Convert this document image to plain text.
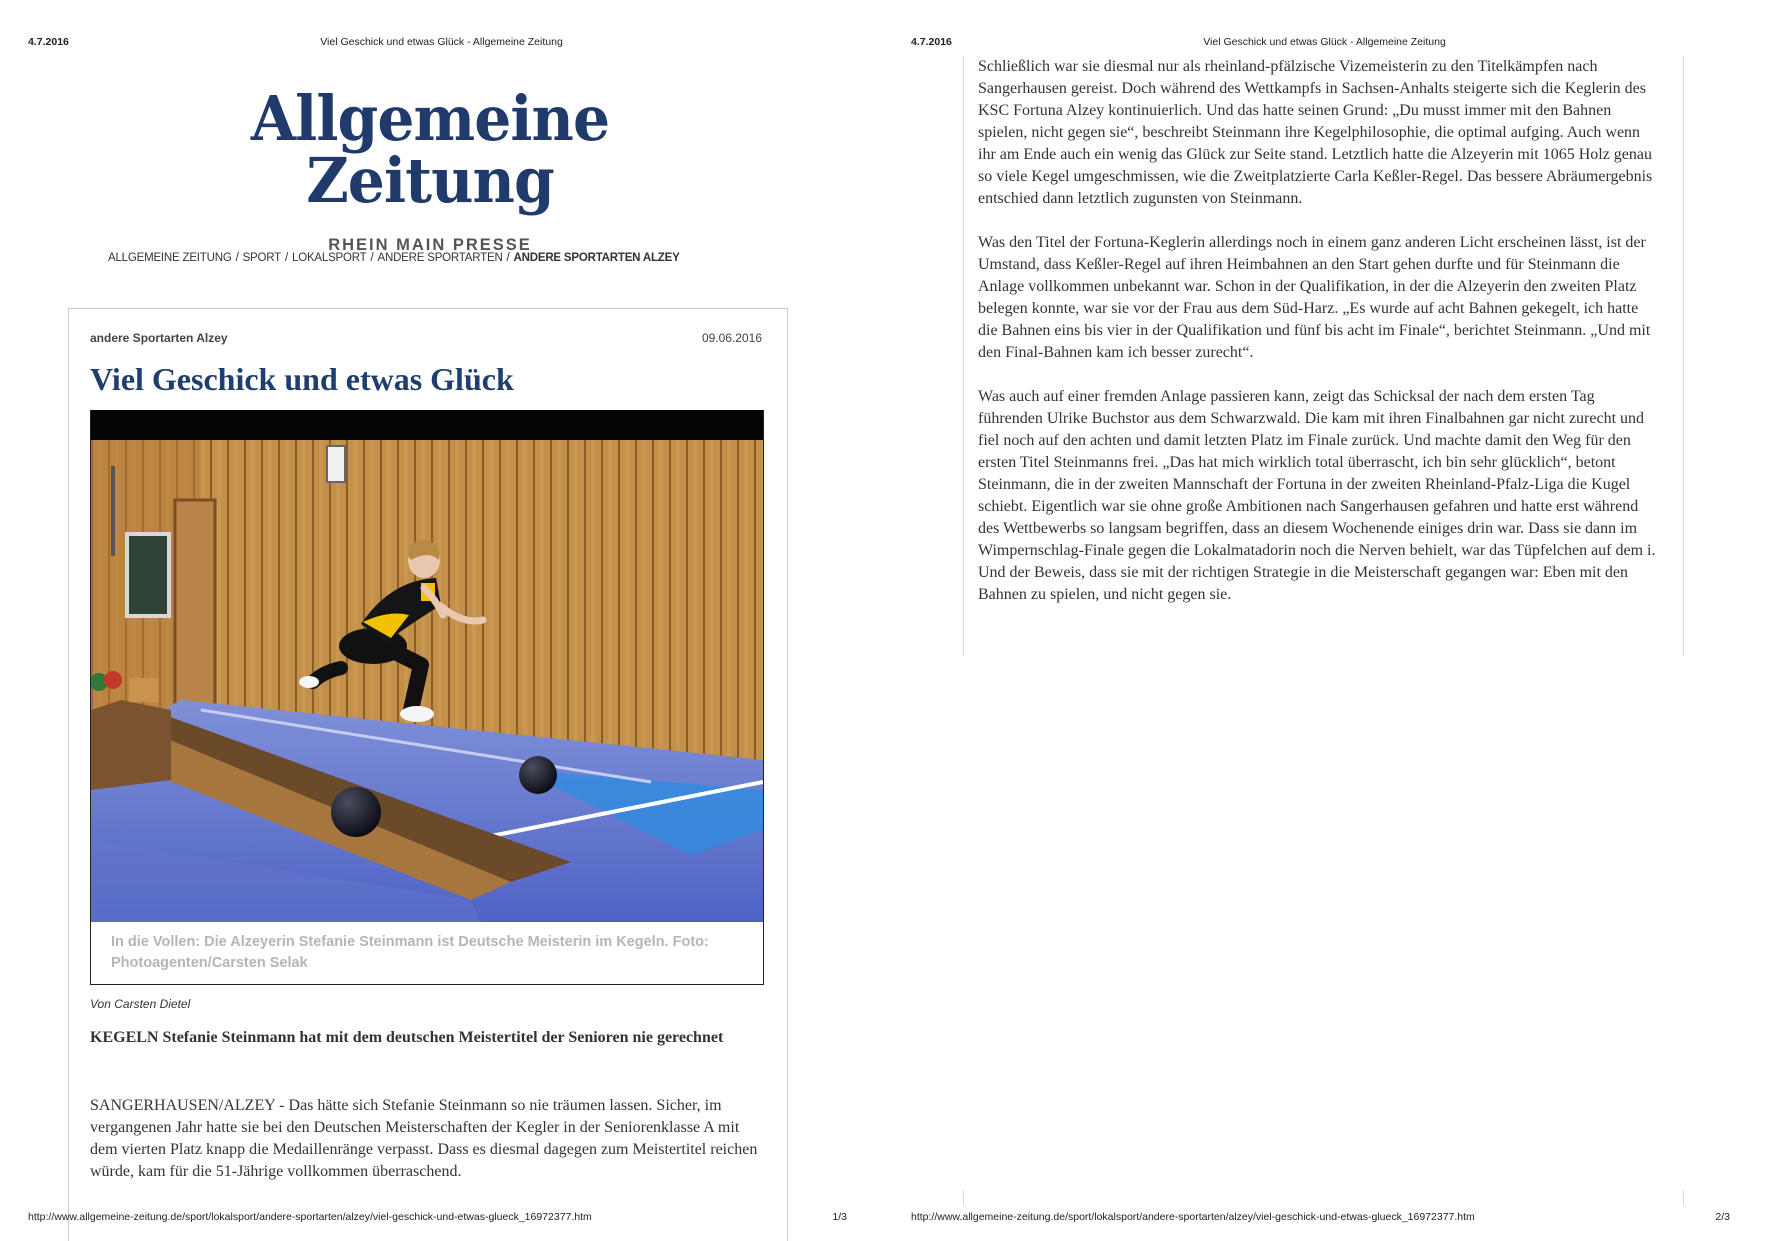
4.7.2016	Viel Geschick und etwas Glück - Allgemeine Zeitung
Allgemeine Zeitung
RHEIN MAIN PRESSE
ALLGEMEINE ZEITUNG / SPORT / LOKALSPORT / ANDERE SPORTARTEN / ANDERE SPORTARTEN ALZEY
andere Sportarten Alzey	09.06.2016
Viel Geschick und etwas Glück
In die Vollen: Die Alzeyerin Stefanie Steinmann ist Deutsche Meisterin im Kegeln. Foto: Photoagenten/Carsten Selak
Von Carsten Dietel

KEGELN Stefanie Steinmann hat mit dem deutschen Meistertitel der Senioren nie gerechnet

SANGERHAUSEN/ALZEY - Das hätte sich Stefanie Steinmann so nie träumen lassen. Sicher, im vergangenen Jahr hatte sie bei den Deutschen Meisterschaften der Kegler in der Seniorenklasse A mit dem vierten Platz knapp die Medaillenränge verpasst. Dass es diesmal dagegen zum Meistertitel reichen würde, kam für die 51-Jährige vollkommen überraschend.

http://www.allgemeine-zeitung.de/sport/lokalsport/andere-sportarten/alzey/viel-geschick-und-etwas-glueck_16972377.htm	1/3
4.7.2016	Viel Geschick und etwas Glück - Allgemeine Zeitung

Schließlich war sie diesmal nur als rheinland-pfälzische Vizemeisterin zu den Titelkämpfen nach Sangerhausen gereist. Doch während des Wettkampfs in Sachsen-Anhalts steigerte sich die Keglerin des KSC Fortuna Alzey kontinuierlich. Und das hatte seinen Grund: „Du musst immer mit den Bahnen spielen, nicht gegen sie“, beschreibt Steinmann ihre Kegelphilosophie, die optimal aufging. Auch wenn ihr am Ende auch ein wenig das Glück zur Seite stand. Letztlich hatte die Alzeyerin mit 1065 Holz genau so viele Kegel umgeschmissen, wie die Zweitplatzierte Carla Keßler-Regel. Das bessere Abräumergebnis entschied dann letztlich zugunsten von Steinmann.

Was den Titel der Fortuna-Keglerin allerdings noch in einem ganz anderen Licht erscheinen lässt, ist der Umstand, dass Keßler-Regel auf ihren Heimbahnen an den Start gehen durfte und für Steinmann die Anlage vollkommen unbekannt war. Schon in der Qualifikation, in der die Alzeyerin den zweiten Platz belegen konnte, war sie vor der Frau aus dem Süd-Harz. „Es wurde auf acht Bahnen gekegelt, ich hatte die Bahnen eins bis vier in der Qualifikation und fünf bis acht im Finale“, berichtet Steinmann. „Und mit den Final-Bahnen kam ich besser zurecht“.

Was auch auf einer fremden Anlage passieren kann, zeigt das Schicksal der nach dem ersten Tag führenden Ulrike Buchstor aus dem Schwarzwald. Die kam mit ihren Finalbahnen gar nicht zurecht und fiel noch auf den achten und damit letzten Platz im Finale zurück. Und machte damit den Weg für den ersten Titel Steinmanns frei. „Das hat mich wirklich total überrascht, ich bin sehr glücklich“, betont Steinmann, die in der zweiten Mannschaft der Fortuna in der zweiten Rheinland-Pfalz-Liga die Kugel schiebt. Eigentlich war sie ohne große Ambitionen nach Sangerhausen gefahren und hatte erst während des Wettbewerbs so langsam begriffen, dass an diesem Wochenende einiges drin war. Dass sie dann im Wimpernschlag-Finale gegen die Lokalmatadorin noch die Nerven behielt, war das Tüpfelchen auf dem i. Und der Beweis, dass sie mit der richtigen Strategie in die Meisterschaft gegangen war: Eben mit den Bahnen zu spielen, und nicht gegen sie.

http://www.allgemeine-zeitung.de/sport/lokalsport/andere-sportarten/alzey/viel-geschick-und-etwas-glueck_16972377.htm	2/3
